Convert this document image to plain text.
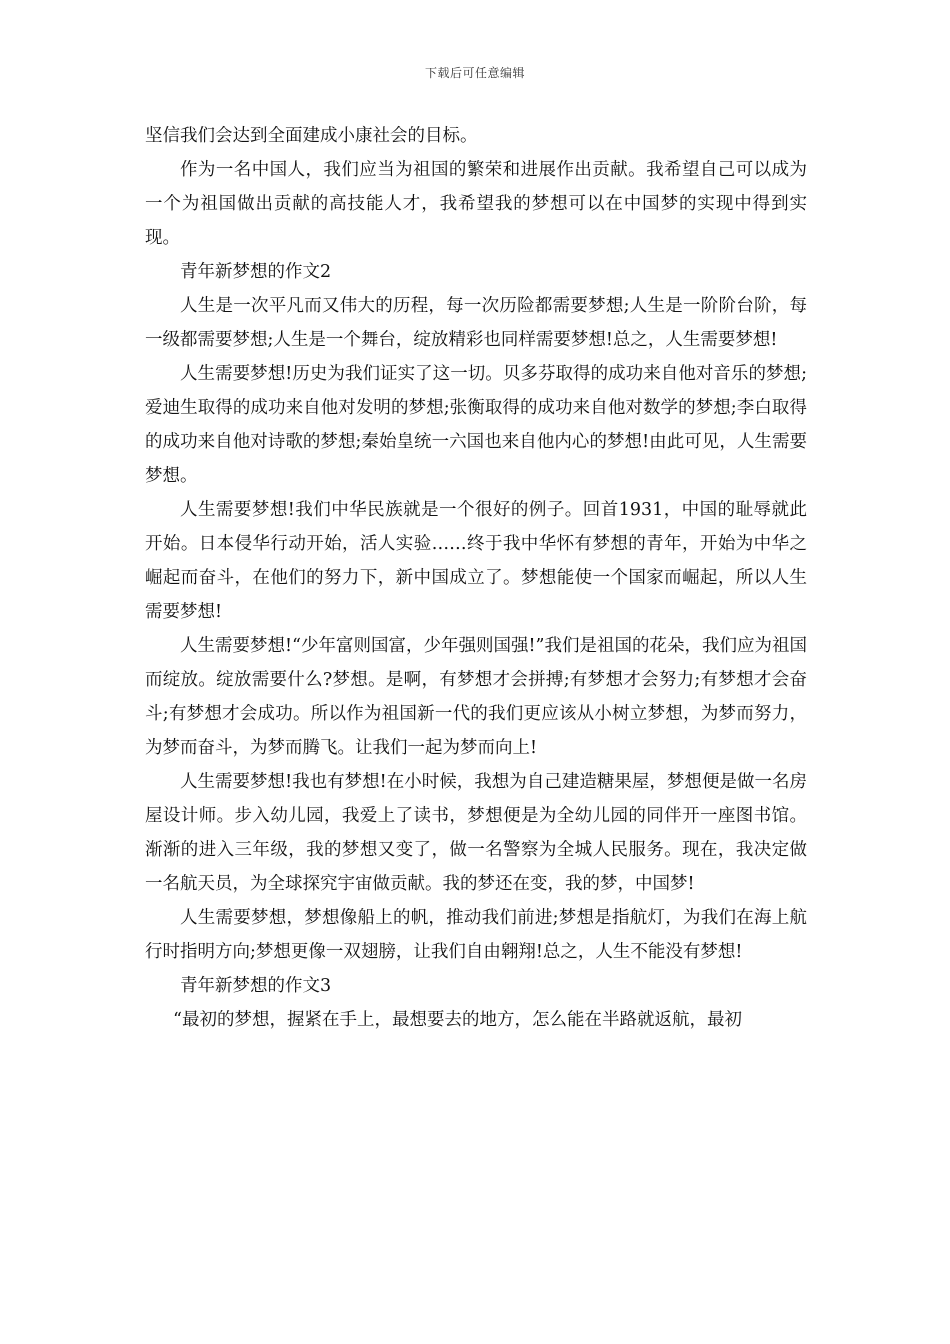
下载后可任意编辑

坚信我们会达到全面建成小康社会的目标。

作为一名中国人，我们应当为祖国的繁荣和进展作出贡献。我希望自己可以成为一个为祖国做出贡献的高技能人才，我希望我的梦想可以在中国梦的实现中得到实现。

青年新梦想的作文2

人生是一次平凡而又伟大的历程，每一次历险都需要梦想;人生是一阶阶台阶，每一级都需要梦想;人生是一个舞台，绽放精彩也同样需要梦想!总之，人生需要梦想!

人生需要梦想!历史为我们证实了这一切。贝多芬取得的成功来自他对音乐的梦想;爱迪生取得的成功来自他对发明的梦想;张衡取得的成功来自他对数学的梦想;李白取得的成功来自他对诗歌的梦想;秦始皇统一六国也来自他内心的梦想!由此可见，人生需要梦想。

人生需要梦想!我们中华民族就是一个很好的例子。回首1931，中国的耻辱就此开始。日本侵华行动开始，活人实验……终于我中华怀有梦想的青年，开始为中华之崛起而奋斗，在他们的努力下，新中国成立了。梦想能使一个国家而崛起，所以人生需要梦想!

人生需要梦想!“少年富则国富，少年强则国强!”我们是祖国的花朵，我们应为祖国而绽放。绽放需要什么?梦想。是啊，有梦想才会拼搏;有梦想才会努力;有梦想才会奋斗;有梦想才会成功。所以作为祖国新一代的我们更应该从小树立梦想，为梦而努力，为梦而奋斗，为梦而腾飞。让我们一起为梦而向上!

人生需要梦想!我也有梦想!在小时候，我想为自己建造糖果屋，梦想便是做一名房屋设计师。步入幼儿园，我爱上了读书，梦想便是为全幼儿园的同伴开一座图书馆。渐渐的进入三年级，我的梦想又变了，做一名警察为全城人民服务。现在，我决定做一名航天员，为全球探究宇宙做贡献。我的梦还在变，我的梦，中国梦!

人生需要梦想，梦想像船上的帆，推动我们前进;梦想是指航灯，为我们在海上航行时指明方向;梦想更像一双翅膀，让我们自由翱翔!总之，人生不能没有梦想!

青年新梦想的作文3

“最初的梦想，握紧在手上，最想要去的地方，怎么能在半路就返航，最初
